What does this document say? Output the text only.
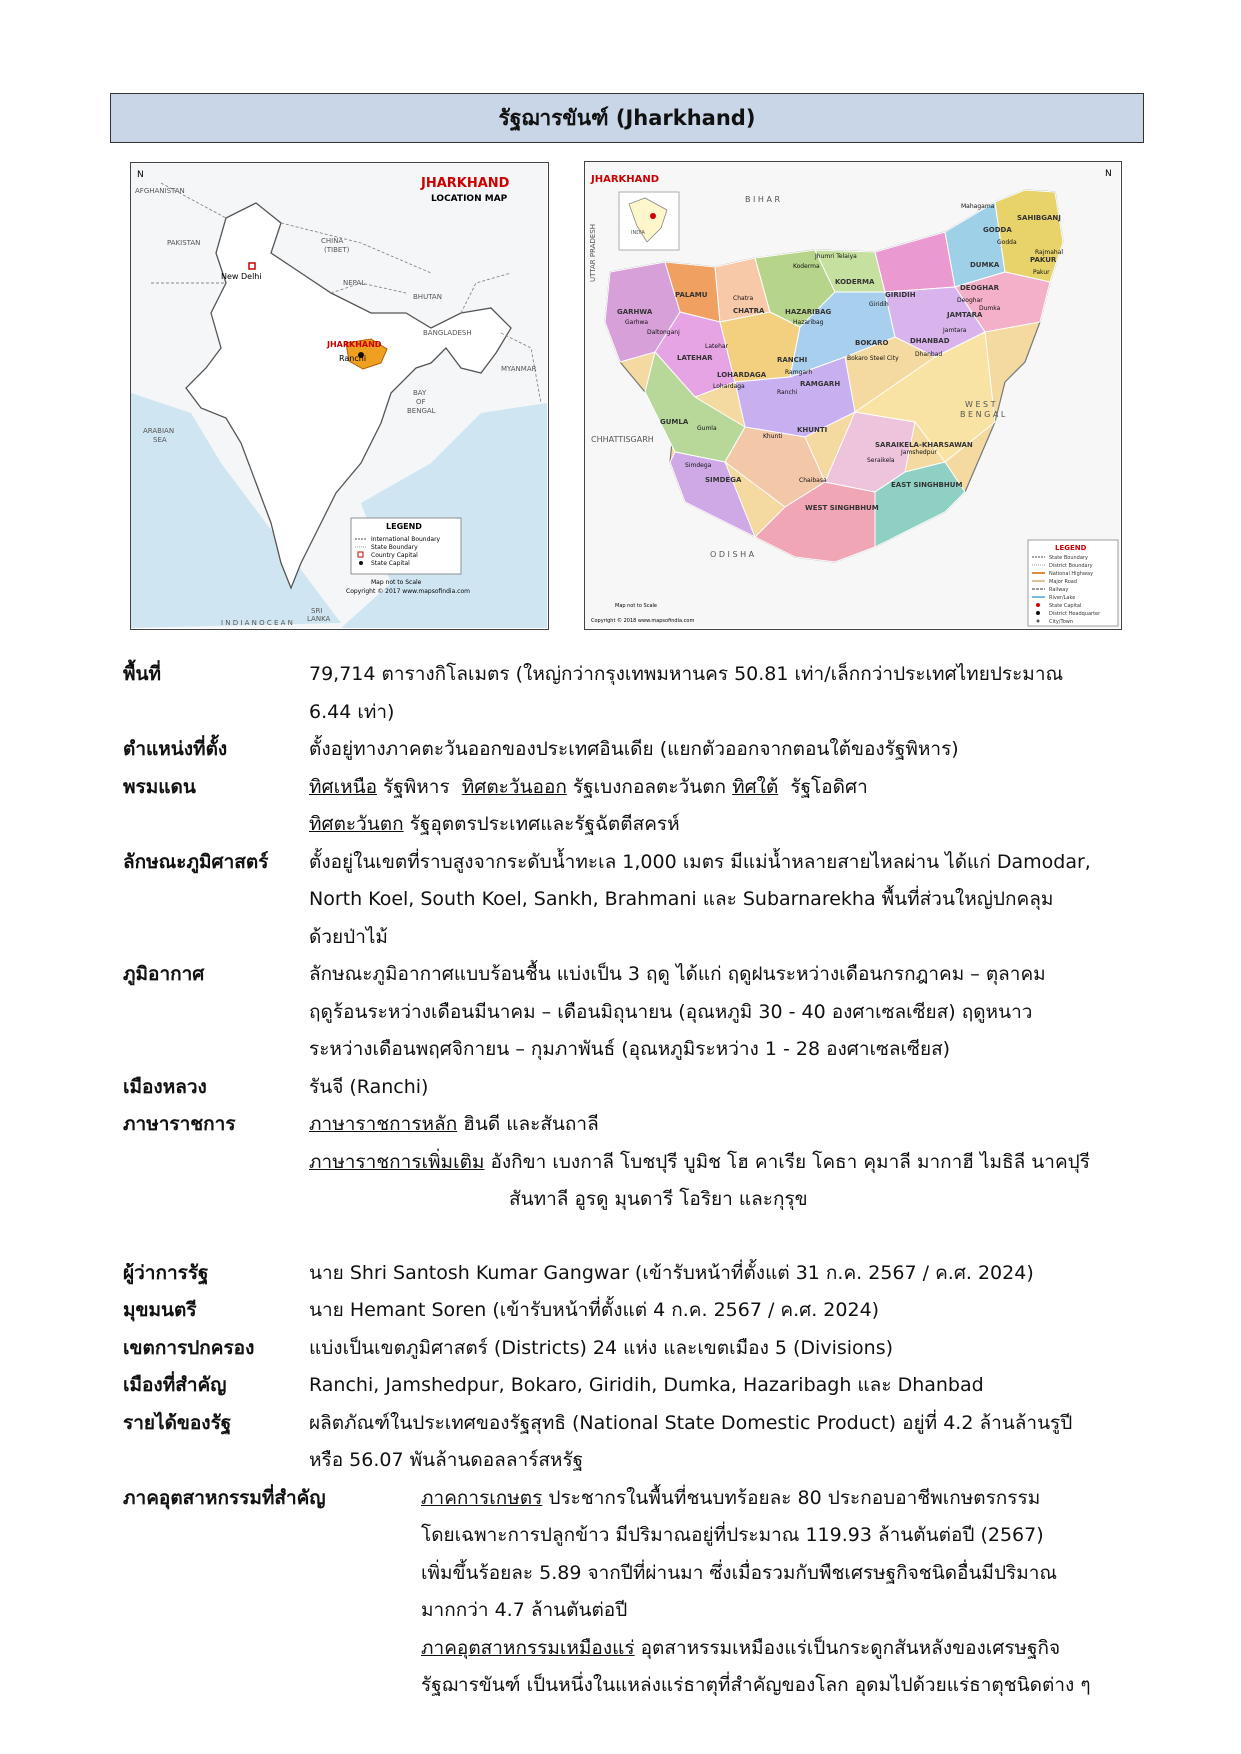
รัฐฌารขันฑ์ (Jharkhand)
N
AFGHANISTAN
PAKISTAN	CHINA
(TIBET)
NEPAL
BHUTAN
BANGLADESH
MYANMAR
New Delhi
JHARKHAND
Ranchi
BAY
OF
BENGAL
ARABIAN
SEA
SRI
LANKA
I N D I A N O C E A N
JHARKHAND
LOCATION MAP
LEGEND
International Boundary
State Boundary
Country Capital
State Capital
Map not to Scale
Copyright © 2017 www.mapsofindia.com
INDIA
JHARKHAND	N
B I H A R
UTTAR PRADESH
CHHATTISGARH
W E S T
B E N G A L
O D I S H A
SAHIBGANJ
GODDA
PAKUR
DUMKA
DEOGHAR
JAMTARA
KODERMA
GIRIDIH
GARHWA
PALAMU
CHATRA	HAZARIBAG
LATEHAR
RAMGARH
DHANBAD
BOKARO
LOHARDAGA
RANCHI
GUMLA
KHUNTI
SIMDEGA
WEST SINGHBHUM
SARAIKELA-KHARSAWAN
EAST SINGHBHUM
Mahagama
Godda
Pakur
Dumka
Deoghar
Jamtara
Koderma
Giridih
Garhwa
Daltonganj
Chatra
Hazaribag
Latehar
Ramgarh
Dhanbad
Bokaro Steel City
Lohardaga
Ranchi
Gumla
Khunti
Simdega
Chaibasa
Seraikela
Jamshedpur
Jhumri Telaiya
Rajmahal
LEGEND
State Boundary
District Boundary
National Highway
Major Road
Railway
River/Lake
State Capital
District Headquarter
City/Town
Map not to Scale
Copyright © 2018 www.mapsofindia.com
พื้นที่	79,714 ตารางกิโลเมตร (ใหญ่กว่ากรุงเทพมหานคร 50.81 เท่า/เล็กกว่าประเทศไทยประมาณ
6.44 เท่า)
ตำแหน่งที่ตั้ง	ตั้งอยู่ทางภาคตะวันออกของประเทศอินเดีย (แยกตัวออกจากตอนใต้ของรัฐพิหาร)
พรมแดน	ทิศเหนือ รัฐพิหาร  ทิศตะวันออก รัฐเบงกอลตะวันตก ทิศใต้  รัฐโอดิศา
ทิศตะวันตก รัฐอุตตรประเทศและรัฐฉัตตีสครห์
ลักษณะภูมิศาสตร์	ตั้งอยู่ในเขตที่ราบสูงจากระดับน้ำทะเล 1,000 เมตร มีแม่น้ำหลายสายไหลผ่าน ได้แก่ Damodar,
North Koel, South Koel, Sankh, Brahmani และ Subarnarekha พื้นที่ส่วนใหญ่ปกคลุม
ด้วยป่าไม้
ภูมิอากาศ	ลักษณะภูมิอากาศแบบร้อนชื้น แบ่งเป็น 3 ฤดู ได้แก่ ฤดูฝนระหว่างเดือนกรกฎาคม – ตุลาคม
ฤดูร้อนระหว่างเดือนมีนาคม – เดือนมิถุนายน (อุณหภูมิ 30 - 40 องศาเซลเซียส) ฤดูหนาว
ระหว่างเดือนพฤศจิกายน – กุมภาพันธ์ (อุณหภูมิระหว่าง 1 - 28 องศาเซลเซียส)
เมืองหลวง	รันจี (Ranchi)
ภาษาราชการ	ภาษาราชการหลัก ฮินดี และสันถาลี
ภาษาราชการเพิ่มเติม อังกิขา เบงกาลี โบชปุรี บูมิช โฮ คาเรีย โคธา คุมาลี มากาฮี ไมธิลี นาคปุรี
สันทาลี อูรดู มุนดารี โอริยา และกุรุข
ผู้ว่าการรัฐ	นาย Shri Santosh Kumar Gangwar (เข้ารับหน้าที่ตั้งแต่ 31 ก.ค. 2567 / ค.ศ. 2024)
มุขมนตรี	นาย Hemant Soren (เข้ารับหน้าที่ตั้งแต่ 4 ก.ค. 2567 / ค.ศ. 2024)
เขตการปกครอง	แบ่งเป็นเขตภูมิศาสตร์ (Districts) 24 แห่ง และเขตเมือง 5 (Divisions)
เมืองที่สำคัญ	Ranchi, Jamshedpur, Bokaro, Giridih, Dumka, Hazaribagh และ Dhanbad
รายได้ของรัฐ	ผลิตภัณฑ์ในประเทศของรัฐสุทธิ (National State Domestic Product) อยู่ที่ 4.2 ล้านล้านรูปี
หรือ 56.07 พันล้านดอลลาร์สหรัฐ
ภาคอุตสาหกรรมที่สำคัญ	ภาคการเกษตร ประชากรในพื้นที่ชนบทร้อยละ 80 ประกอบอาชีพเกษตรกรรม
โดยเฉพาะการปลูกข้าว มีปริมาณอยู่ที่ประมาณ 119.93 ล้านตันต่อปี (2567)
เพิ่มขึ้นร้อยละ 5.89 จากปีที่ผ่านมา ซึ่งเมื่อรวมกับพืชเศรษฐกิจชนิดอื่นมีปริมาณ
มากกว่า 4.7 ล้านตันต่อปี
ภาคอุตสาหกรรมเหมืองแร่ อุตสาหรรมเหมืองแร่เป็นกระดูกสันหลังของเศรษฐกิจ
รัฐฌารขันฑ์ เป็นหนึ่งในแหล่งแร่ธาตุที่สำคัญของโลก อุดมไปด้วยแร่ธาตุชนิดต่าง ๆ
